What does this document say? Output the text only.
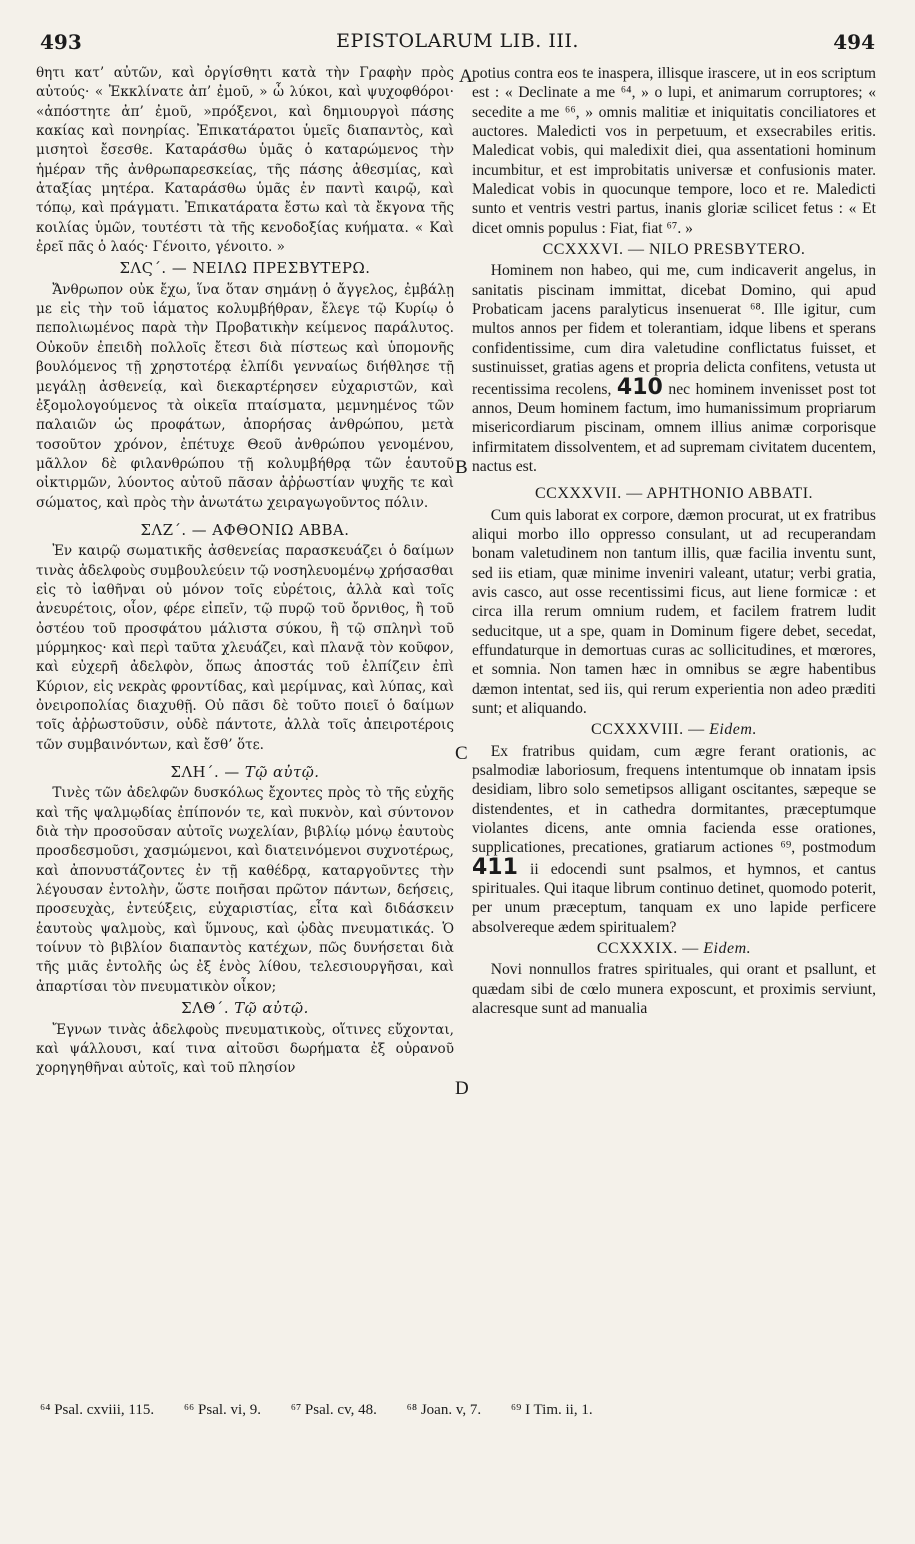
493	EPISTOLARUM LIB. III.	494
A
B
C
D

θητι κατ’ αὐτῶν, καὶ ὀργίσθητι κατὰ τὴν Γραφὴν πρὸς αὐτούς· « Ἐκκλίνατε ἀπ’ ἐμοῦ, » ὦ λύκοι, καὶ ψυχοφθόροι· «ἀπόστητε ἀπ’ ἐμοῦ, »πρόξενοι, καὶ δημιουργοὶ πάσης κακίας καὶ πονηρίας. Ἐπικατάρατοι ὑμεῖς διαπαντὸς, καὶ μισητοὶ ἔσεσθε. Καταράσθω ὑμᾶς ὁ καταρώμενος τὴν ἡμέραν τῆς ἀνθρωπαρεσκείας, τῆς πάσης ἀθεσμίας, καὶ ἀταξίας μητέρα. Καταράσθω ὑμᾶς ἐν παντὶ καιρῷ, καὶ τόπῳ, καὶ πράγματι. Ἐπικατάρατα ἔστω καὶ τὰ ἔκγονα τῆς κοιλίας ὑμῶν, τουτέστι τὰ τῆς κενοδοξίας κυήματα. « Καὶ ἐρεῖ πᾶς ὁ λαός· Γένοιτο, γένοιτο. »

ΣΛϚ΄. — ΝΕΙΛΩ ΠΡΕΣΒΥΤΕΡΩ.

Ἄνθρωπον οὐκ ἔχω, ἵνα ὅταν σημάνῃ ὁ ἄγγελος, ἐμβάλῃ με εἰς τὴν τοῦ ἰάματος κολυμβήθραν, ἔλεγε τῷ Κυρίῳ ὁ πεπολιωμένος παρὰ τὴν Προβατικὴν κείμενος παράλυτος. Οὐκοῦν ἐπειδὴ πολλοῖς ἔτεσι διὰ πίστεως καὶ ὑπομονῆς βουλόμενος τῇ χρηστοτέρᾳ ἐλπίδι γενναίως διήθλησε τῇ μεγάλῃ ἀσθενείᾳ, καὶ διεκαρτέρησεν εὐχαριστῶν, καὶ ἐξομολογούμενος τὰ οἰκεῖα πταίσματα, μεμνημένος τῶν παλαιῶν ὡς προφάτων, ἀπορήσας ἀνθρώπου, μετὰ τοσοῦτον χρόνον, ἐπέτυχε Θεοῦ ἀνθρώπου γενομένου, μᾶλλον δὲ φιλανθρώπου τῇ κολυμβήθρᾳ τῶν ἑαυτοῦ οἰκτιρμῶν, λύοντος αὐτοῦ πᾶσαν ἀῤῥωστίαν ψυχῆς τε καὶ σώματος, καὶ πρὸς τὴν ἀνωτάτω χειραγωγοῦντος πόλιν.

ΣΛΖ΄. — ΑΦΘΟΝΙΩ ΑΒΒΑ.

Ἐν καιρῷ σωματικῆς ἀσθενείας παρασκευάζει ὁ δαίμων τινὰς ἀδελφοὺς συμβουλεύειν τῷ νοσηλευομένῳ χρήσασθαι εἰς τὸ ἰαθῆναι οὐ μόνον τοῖς εὐρέτοις, ἀλλὰ καὶ τοῖς ἀνευρέτοις, οἷον, φέρε εἰπεῖν, τῷ πυρῷ τοῦ ὄρνιθος, ἢ τοῦ ὀστέου τοῦ προσφάτου μάλιστα σύκου, ἢ τῷ σπληνὶ τοῦ μύρμηκος· καὶ περὶ ταῦτα χλευάζει, καὶ πλανᾷ τὸν κοῦφον, καὶ εὐχερῆ ἀδελφὸν, ὅπως ἀποστάς τοῦ ἐλπίζειν ἐπὶ Κύριον, εἰς νεκρὰς φροντίδας, καὶ μερίμνας, καὶ λύπας, καὶ ὀνειροπολίας διαχυθῇ. Οὐ πᾶσι δὲ τοῦτο ποιεῖ ὁ δαίμων τοῖς ἀῤῥωστοῦσιν, οὐδὲ πάντοτε, ἀλλὰ τοῖς ἀπειροτέροις τῶν συμβαινόντων, καὶ ἔσθ’ ὅτε.

ΣΛΗ΄. — Τῷ αὐτῷ.

Τινὲς τῶν ἀδελφῶν δυσκόλως ἔχοντες πρὸς τὸ τῆς εὐχῆς καὶ τῆς ψαλμῳδίας ἐπίπονόν τε, καὶ πυκνὸν, καὶ σύντονον διὰ τὴν προσοῦσαν αὐτοῖς νωχελίαν, βιβλίῳ μόνῳ ἑαυτοὺς προσδεσμοῦσι, χασμώμενοι, καὶ διατεινόμενοι συχνοτέρως, καὶ ἀπονυστάζοντες ἐν τῇ καθέδρᾳ, καταργοῦντες τὴν λέγουσαν ἐντολὴν, ὥστε ποιῆσαι πρῶτον πάντων, δεήσεις, προσευχὰς, ἐντεύξεις, εὐχαριστίας, εἶτα καὶ διδάσκειν ἑαυτοὺς ψαλμοὺς, καὶ ὕμνους, καὶ ᾠδὰς πνευματικάς. Ὁ τοίνυν τὸ βιβλίον διαπαντὸς κατέχων, πῶς δυνήσεται διὰ τῆς μιᾶς ἐντολῆς ὡς ἐξ ἑνὸς λίθου, τελεσιουργῆσαι, καὶ ἀπαρτίσαι τὸν πνευματικὸν οἶκον;

ΣΛΘ΄. Τῷ αὐτῷ.

Ἔγνων τινὰς ἀδελφοὺς πνευματικοὺς, οἵτινες εὔχονται, καὶ ψάλλουσι, καί τινα αἰτοῦσι δωρήματα ἐξ οὐρανοῦ χορηγηθῆναι αὐτοῖς, καὶ τοῦ πλησίον

potius contra eos te inaspera, illisque irascere, ut in eos scriptum est : « Declinate a me ⁶⁴, » o lupi, et animarum corruptores; « secedite a me ⁶⁶, » omnis malitiæ et iniquitatis conciliatores et auctores. Maledicti vos in perpetuum, et exsecrabiles eritis. Maledicat vobis, qui maledixit diei, qua assentationi hominum incumbitur, et est improbitatis universæ et confusionis mater. Maledicat vobis in quocunque tempore, loco et re. Maledicti sunto et ventris vestri partus, inanis gloriæ scilicet fetus : « Et dicet omnis populus : Fiat, fiat ⁶⁷. »

CCXXXVI. — NILO PRESBYTERO.

Hominem non habeo, qui me, cum indicaverit angelus, in sanitatis piscinam immittat, dicebat Domino, qui apud Probaticam jacens paralyticus insenuerat ⁶⁸. Ille igitur, cum multos annos per fidem et tolerantiam, idque libens et sperans confidentissime, cum dira valetudine conflictatus fuisset, et sustinuisset, gratias agens et propria delicta confitens, vetusta ut recentissima recolens, 410 nec hominem invenisset post tot annos, Deum hominem factum, imo humanissimum propriarum misericordiarum piscinam, omnem illius animæ corporisque infirmitatem dissolventem, et ad supremam civitatem ducentem, nactus est.

CCXXXVII. — APHTHONIO ABBATI.

Cum quis laborat ex corpore, dæmon procurat, ut ex fratribus aliqui morbo illo oppresso consulant, ut ad recuperandam bonam valetudinem non tantum illis, quæ facilia inventu sunt, sed iis etiam, quæ minime inveniri valeant, utatur; verbi gratia, avis casco, aut osse recentissimi ficus, aut liene formicæ : et circa illa rerum omnium rudem, et facilem fratrem ludit seducitque, ut a spe, quam in Dominum figere debet, secedat, effundaturque in demortuas curas ac sollicitudines, et mœrores, et somnia. Non tamen hæc in omnibus se ægre habentibus dæmon intentat, sed iis, qui rerum experientia non adeo præditi sunt; et aliquando.

CCXXXVIII. — Eidem.

Ex fratribus quidam, cum ægre ferant orationis, ac psalmodiæ laboriosum, frequens intentumque ob innatam ipsis desidiam, libro solo semetipsos alligant oscitantes, sæpeque se distendentes, et in cathedra dormitantes, præceptumque violantes dicens, ante omnia facienda esse orationes, supplicationes, precationes, gratiarum actiones ⁶⁹, postmodum 411 ii edocendi sunt psalmos, et hymnos, et cantus spirituales. Qui itaque librum continuo detinet, quomodo poterit, per unum præceptum, tanquam ex uno lapide perficere absolvereque ædem spiritualem?

CCXXXIX. — Eidem.

Novi nonnullos fratres spirituales, qui orant et psallunt, et quædam sibi de cœlo munera exposcunt, et proximis serviunt, alacresque sunt ad manualia

⁶⁴ Psal. cxviii, 115. ⁶⁶ Psal. vi, 9. ⁶⁷ Psal. cv, 48. ⁶⁸ Joan. v, 7. ⁶⁹ I Tim. ii, 1.
